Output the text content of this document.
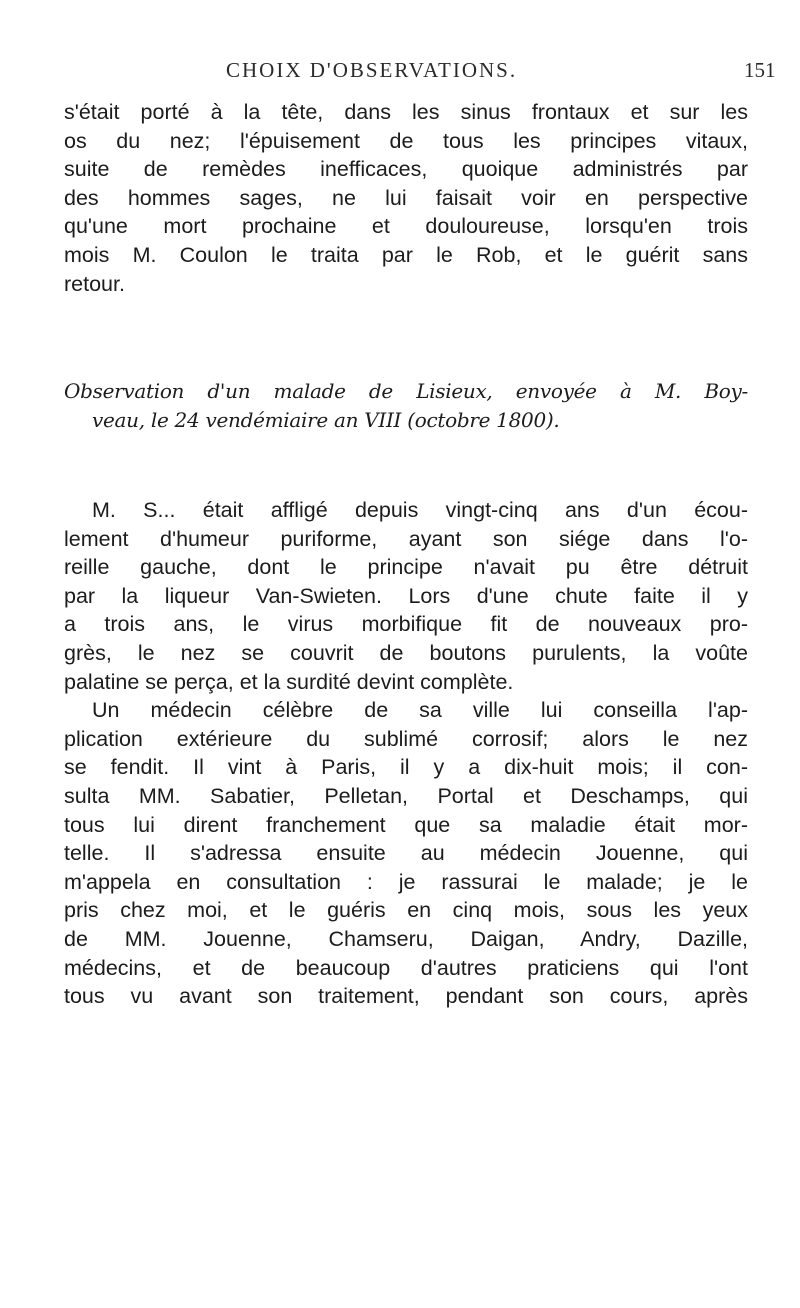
CHOIX D'OBSERVATIONS.	151
s'était porté à la tête, dans les sinus frontaux et sur les
os du nez; l'épuisement de tous les principes vitaux,
suite de remèdes inefficaces, quoique administrés par
des hommes sages, ne lui faisait voir en perspective
qu'une mort prochaine et douloureuse, lorsqu'en trois
mois M. Coulon le traita par le Rob, et le guérit sans
retour.
Observation d'un malade de Lisieux, envoyée à M. Boy-
veau, le 24 vendémiaire an VIII (octobre 1800).
M. S... était affligé depuis vingt-cinq ans d'un écou-
lement d'humeur puriforme, ayant son siége dans l'o-
reille gauche, dont le principe n'avait pu être détruit
par la liqueur Van-Swieten. Lors d'une chute faite il y
a trois ans, le virus morbifique fit de nouveaux pro-
grès, le nez se couvrit de boutons purulents, la voûte
palatine se perça, et la surdité devint complète.
Un médecin célèbre de sa ville lui conseilla l'ap-
plication extérieure du sublimé corrosif; alors le nez
se fendit. Il vint à Paris, il y a dix-huit mois; il con-
sulta MM. Sabatier, Pelletan, Portal et Deschamps, qui
tous lui dirent franchement que sa maladie était mor-
telle. Il s'adressa ensuite au médecin Jouenne, qui
m'appela en consultation : je rassurai le malade; je le
pris chez moi, et le guéris en cinq mois, sous les yeux
de MM. Jouenne, Chamseru, Daigan, Andry, Dazille,
médecins, et de beaucoup d'autres praticiens qui l'ont
tous vu avant son traitement, pendant son cours, après
